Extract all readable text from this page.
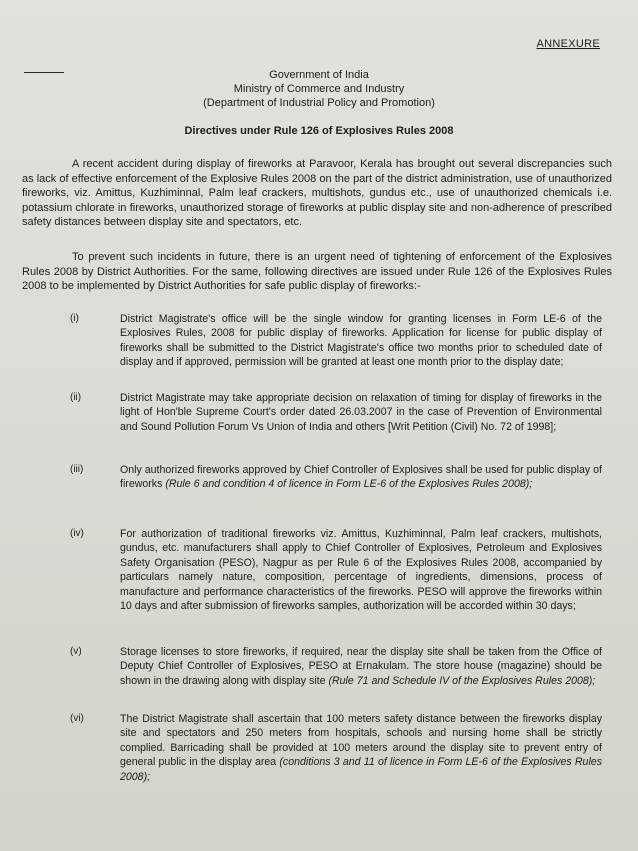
ANNEXURE
Government of India
Ministry of Commerce and Industry
(Department of Industrial Policy and Promotion)
Directives under Rule 126 of Explosives Rules 2008

A recent accident during display of fireworks at Paravoor, Kerala has brought out several discrepancies such as lack of effective enforcement of the Explosive Rules 2008 on the part of the district administration, use of unauthorized fireworks, viz. Amittus, Kuzhiminnal, Palm leaf crackers, multishots, gundus etc., use of unauthorized chemicals i.e. potassium chlorate in fireworks, unauthorized storage of fireworks at public display site and non-adherence of prescribed safety distances between display site and spectators, etc.

To prevent such incidents in future, there is an urgent need of tightening of enforcement of the Explosives Rules 2008 by District Authorities. For the same, following directives are issued under Rule 126 of the Explosives Rules 2008 to be implemented by District Authorities for safe public display of fireworks:-

(i)	District Magistrate's office will be the single window for granting licenses in Form LE-6 of the Explosives Rules, 2008 for public display of fireworks. Application for license for public display of fireworks shall be submitted to the District Magistrate's office two months prior to scheduled date of display and if approved, permission will be granted at least one month prior to the display date;
(ii)	District Magistrate may take appropriate decision on relaxation of timing for display of fireworks in the light of Hon'ble Supreme Court's order dated 26.03.2007 in the case of Prevention of Environmental and Sound Pollution Forum Vs Union of India and others [Writ Petition (Civil) No. 72 of 1998];
(iii)	Only authorized fireworks approved by Chief Controller of Explosives shall be used for public display of fireworks (Rule 6 and condition 4 of licence in Form LE-6 of the Explosives Rules 2008);
(iv)	For authorization of traditional fireworks viz. Amittus, Kuzhiminnal, Palm leaf crackers, multishots, gundus, etc. manufacturers shall apply to Chief Controller of Explosives, Petroleum and Explosives Safety Organisation (PESO), Nagpur as per Rule 6 of the Explosives Rules 2008, accompanied by particulars namely nature, composition, percentage of ingredients, dimensions, process of manufacture and performance characteristics of the fireworks. PESO will approve the fireworks within 10 days and after submission of fireworks samples, authorization will be accorded within 30 days;
(v)	Storage licenses to store fireworks, if required, near the display site shall be taken from the Office of Deputy Chief Controller of Explosives, PESO at Ernakulam. The store house (magazine) should be shown in the drawing along with display site (Rule 71 and Schedule IV of the Explosives Rules 2008);
(vi)	The District Magistrate shall ascertain that 100 meters safety distance between the fireworks display site and spectators and 250 meters from hospitals, schools and nursing home shall be strictly complied. Barricading shall be provided at 100 meters around the display site to prevent entry of general public in the display area (conditions 3 and 11 of licence in Form LE-6 of the Explosives Rules 2008);
